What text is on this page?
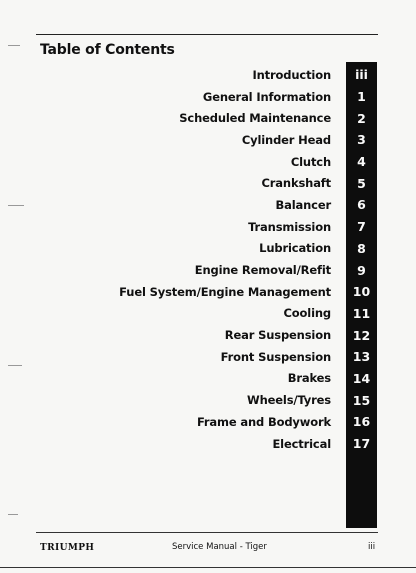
Table of Contents
Introduction	iii
General Information	1
Scheduled Maintenance	2
Cylinder Head	3
Clutch	4
Crankshaft	5
Balancer	6
Transmission	7
Lubrication	8
Engine Removal/Refit	9
Fuel System/Engine Management	10
Cooling	11
Rear Suspension	12
Front Suspension	13
Brakes	14
Wheels/Tyres	15
Frame and Bodywork	16
Electrical	17
TRIUMPH	Service Manual - Tiger	iii
